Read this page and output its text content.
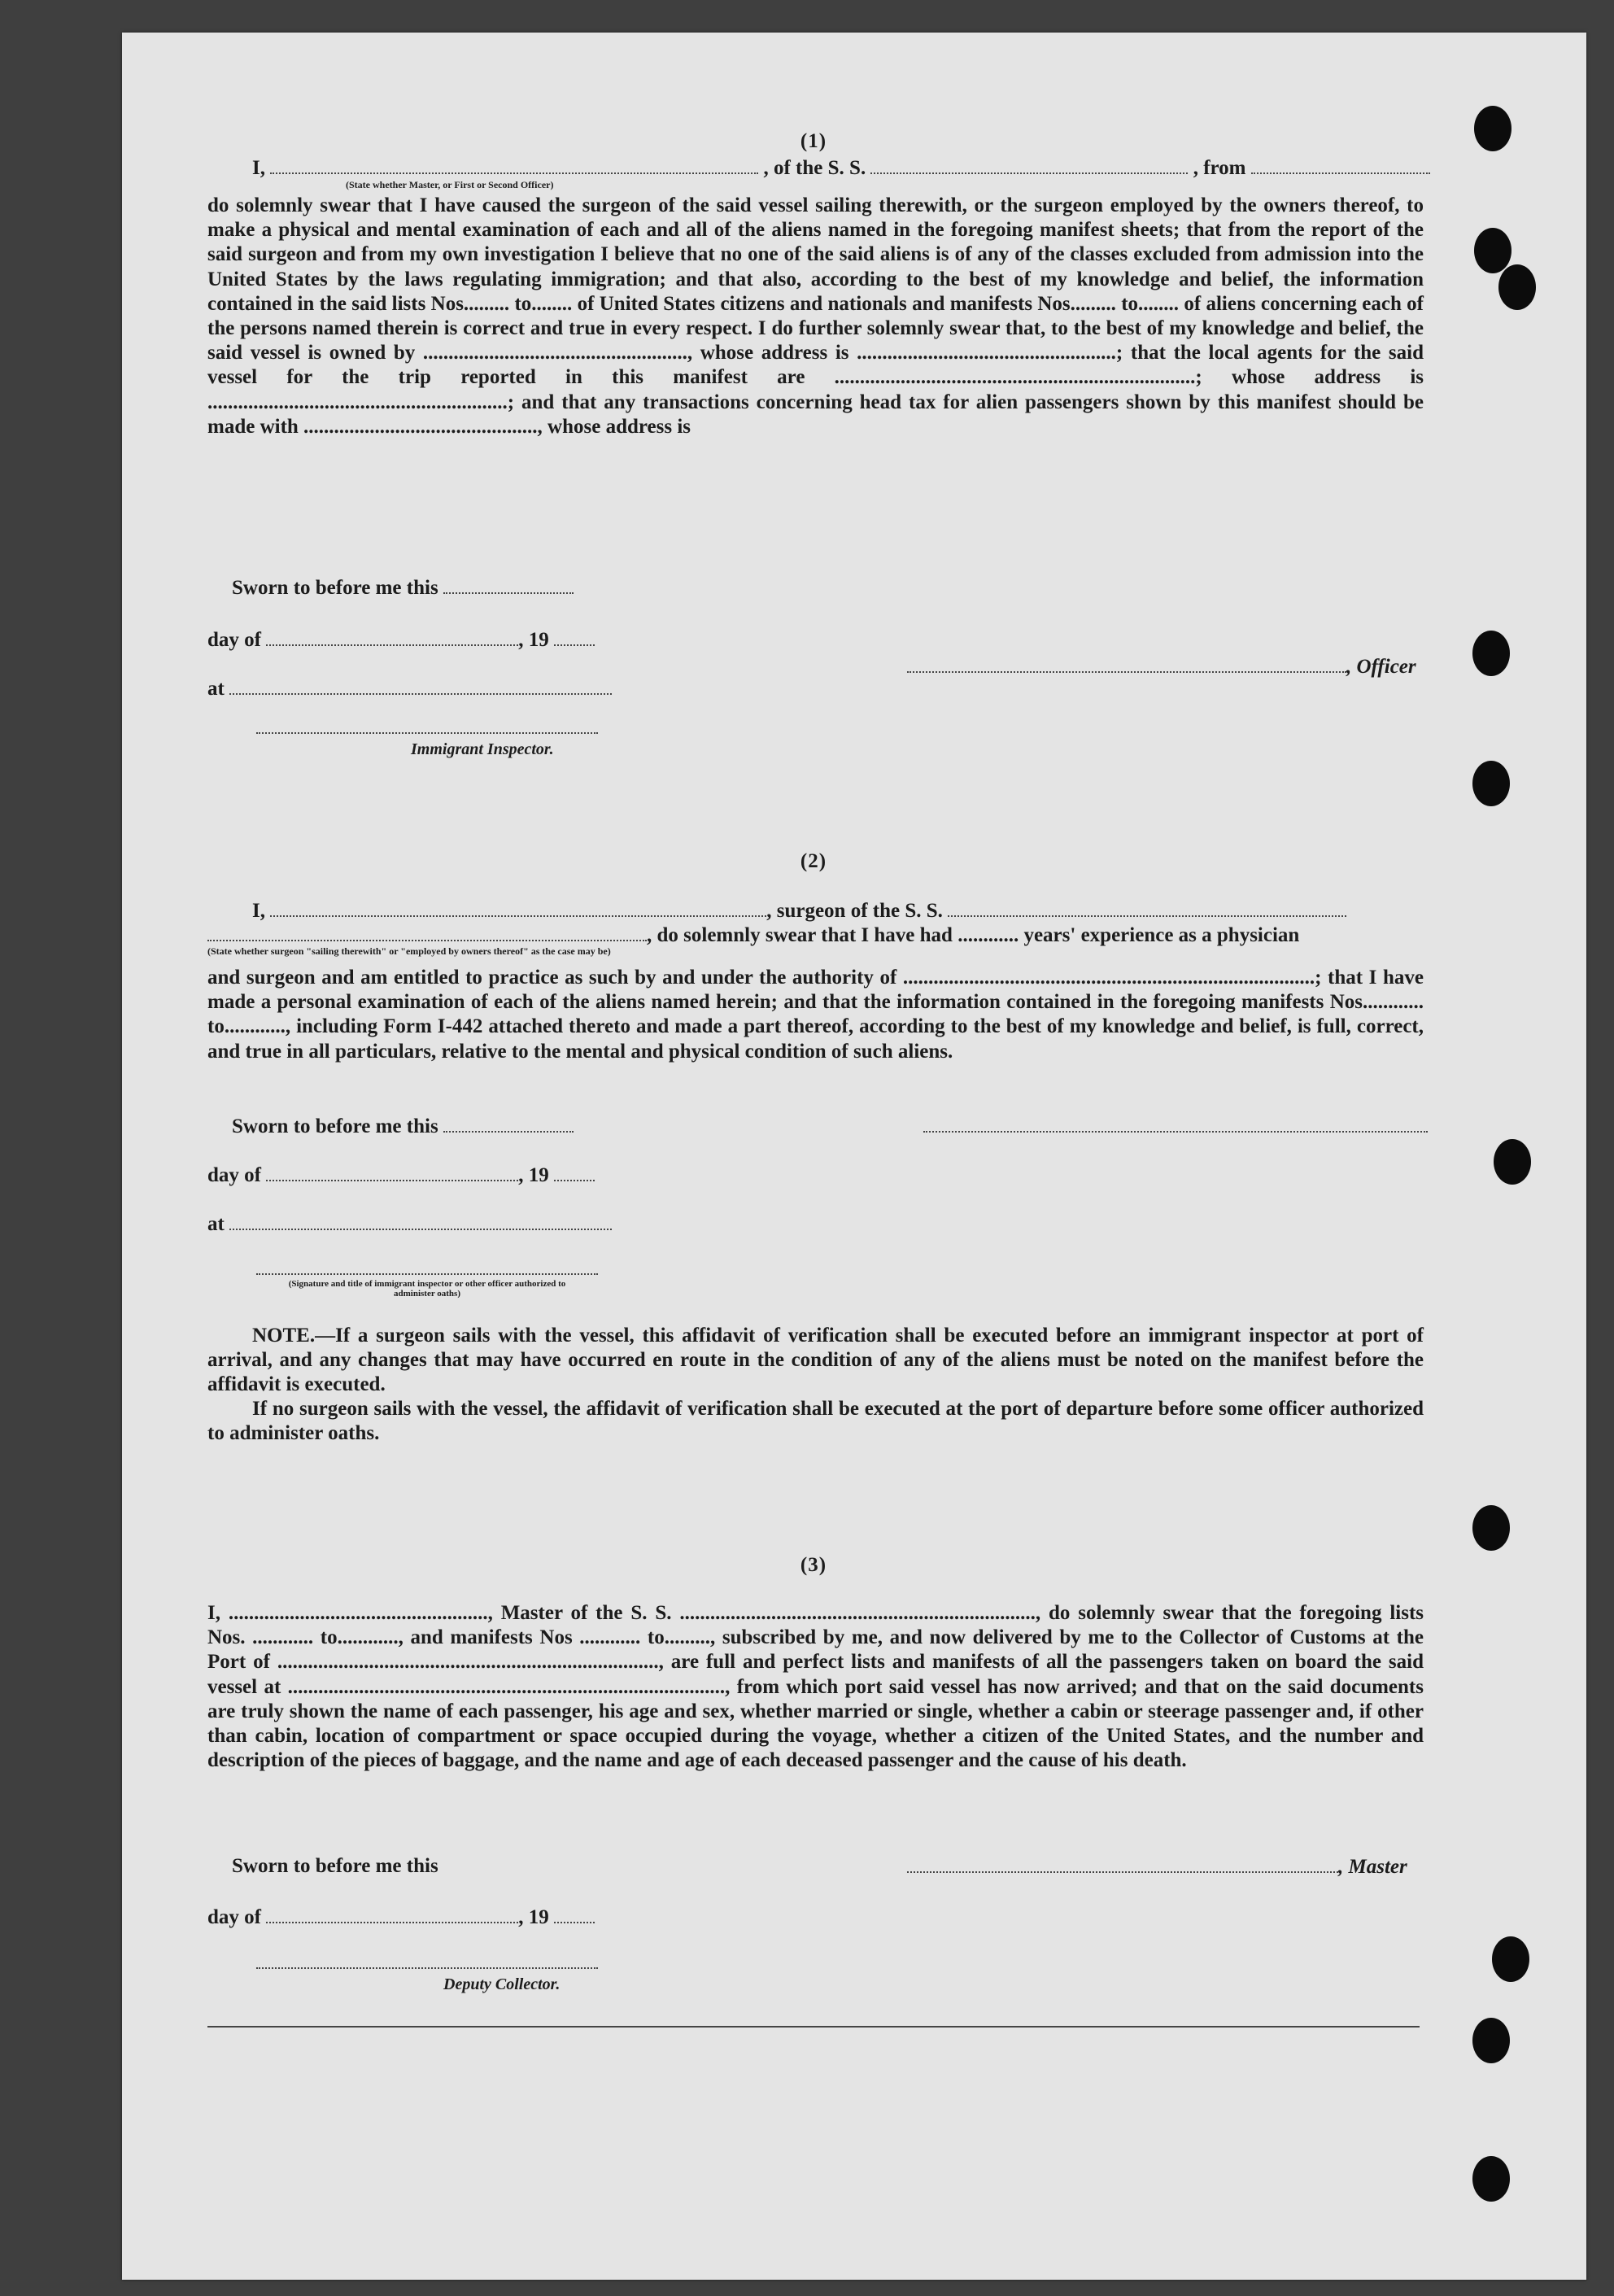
(1)
I,	, of the S. S.	, from
(State whether Master, or First or Second Officer)
do solemnly swear that I have caused the surgeon of the said vessel sailing therewith, or the surgeon employed by the owners thereof, to make a physical and mental examination of each and all of the aliens named in the foregoing manifest sheets; that from the report of the said surgeon and from my own investigation I believe that no one of the said aliens is of any of the classes excluded from admission into the United States by the laws regulating immigration; and that also, according to the best of my knowledge and belief, the information contained in the said lists Nos......... to........ of United States citizens and nationals and manifests Nos......... to........ of aliens concerning each of the persons named therein is correct and true in every respect. I do further solemnly swear that, to the best of my knowledge and belief, the said vessel is owned by ...................................................., whose address is ...................................................; that the local agents for the said vessel for the trip reported in this manifest are .......................................................................; whose address is ...........................................................; and that any transactions concerning head tax for alien passengers shown by this manifest should be made with .............................................., whose address is
Sworn to before me this
day of	, 19
at
, Officer
Immigrant Inspector.
(2)
I,	, surgeon of the S. S.
, do solemnly swear that I have had ............ years' experience as a physician
(State whether surgeon "sailing therewith" or "employed by owners thereof" as the case may be)
and surgeon and am entitled to practice as such by and under the authority of .................................................................................; that I have made a personal examination of each of the aliens named herein; and that the information contained in the foregoing manifests Nos............ to............, including Form I-442 attached thereto and made a part thereof, according to the best of my knowledge and belief, is full, correct, and true in all particulars, relative to the mental and physical condition of such aliens.
Sworn to before me this
day of	, 19
at
(Signature and title of immigrant inspector or other officer authorized to administer oaths)
NOTE.—If a surgeon sails with the vessel, this affidavit of verification shall be executed before an immigrant inspector at port of arrival, and any changes that may have occurred en route in the condition of any of the aliens must be noted on the manifest before the affidavit is executed.
If no surgeon sails with the vessel, the affidavit of verification shall be executed at the port of departure before some officer authorized to administer oaths.
(3)
I, ..................................................., Master of the S. S. ......................................................................, do solemnly swear that the foregoing lists Nos. ............ to............, and manifests Nos ............ to........., subscribed by me, and now delivered by me to the Collector of Customs at the Port of ..........................................................................., are full and perfect lists and manifests of all the passengers taken on board the said vessel at ......................................................................................, from which port said vessel has now arrived; and that on the said documents are truly shown the name of each passenger, his age and sex, whether married or single, whether a cabin or steerage passenger and, if other than cabin, location of compartment or space occupied during the voyage, whether a citizen of the United States, and the number and description of the pieces of baggage, and the name and age of each deceased passenger and the cause of his death.
Sworn to before me this	, Master
day of	, 19
Deputy Collector.
